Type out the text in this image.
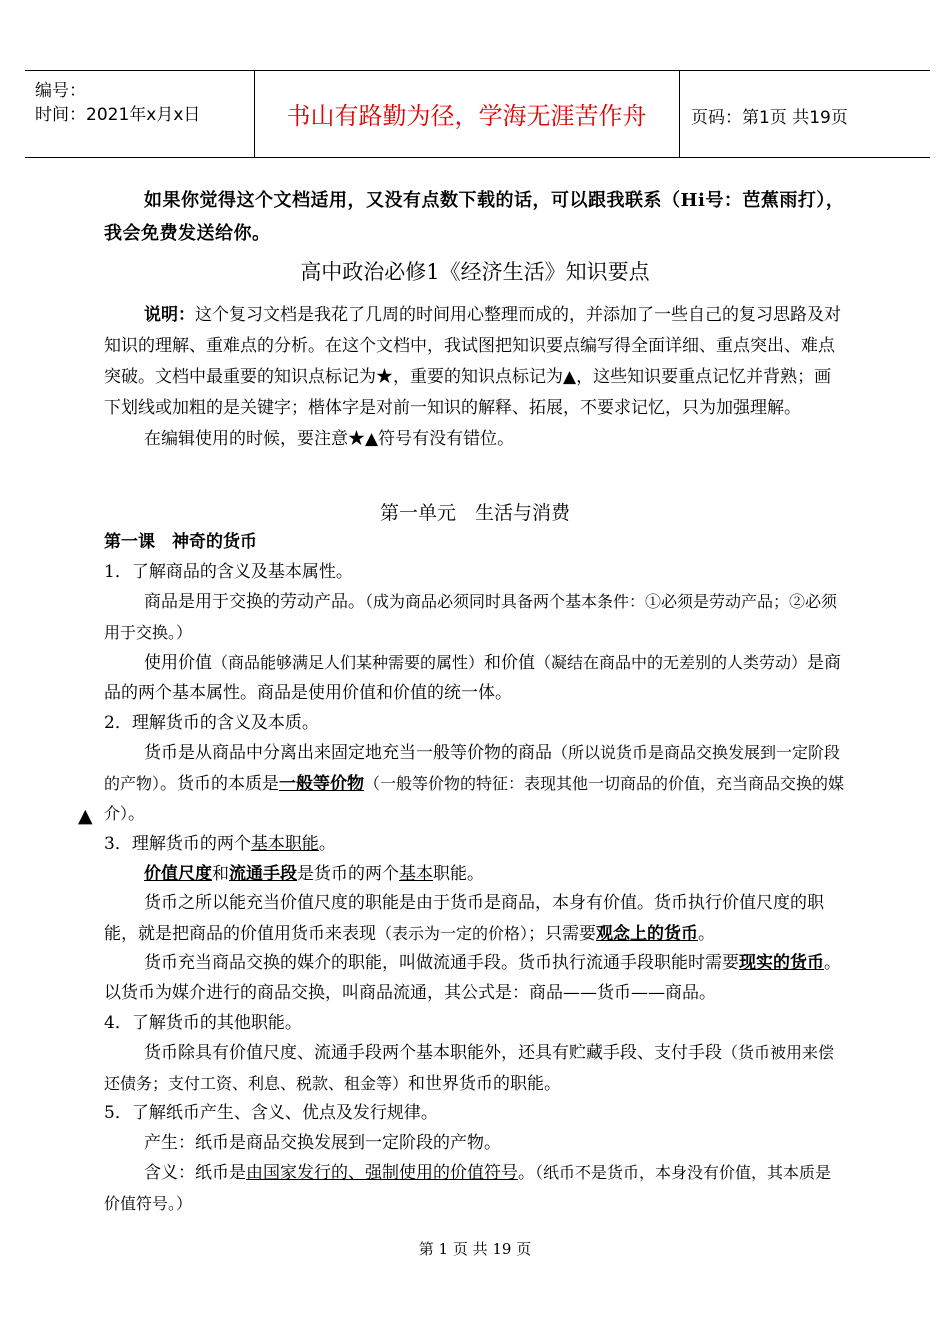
编号：
时间：2021年x月x日	书山有路勤为径，学海无涯苦作舟	页码：第1页 共19页

如果你觉得这个文档适用，又没有点数下载的话，可以跟我联系（Hi号：芭蕉雨打），我会免费发送给你。

高中政治必修1《经济生活》知识要点

说明：这个复习文档是我花了几周的时间用心整理而成的，并添加了一些自己的复习思路及对知识的理解、重难点的分析。在这个文档中，我试图把知识要点编写得全面详细、重点突出、难点突破。文档中最重要的知识点标记为★，重要的知识点标记为▲，这些知识要重点记忆并背熟；画下划线或加粗的是关键字；楷体字是对前一知识的解释、拓展，不要求记忆，只为加强理解。

在编辑使用的时候，要注意★▲符号有没有错位。

第一单元　生活与消费

第一课　神奇的货币

1．了解商品的含义及基本属性。

商品是用于交换的劳动产品。（成为商品必须同时具备两个基本条件：①必须是劳动产品；②必须用于交换。）

使用价值（商品能够满足人们某种需要的属性）和价值（凝结在商品中的无差别的人类劳动）是商品的两个基本属性。商品是使用价值和价值的统一体。

2．理解货币的含义及本质。

货币是从商品中分离出来固定地充当一般等价物的商品（所以说货币是商品交换发展到一定阶段的产物）。货币的本质是一般等价物（一般等价物的特征：表现其他一切商品的价值，充当商品交换的媒介）。

3．理解货币的两个基本职能。

价值尺度和流通手段是货币的两个基本职能。

货币之所以能充当价值尺度的职能是由于货币是商品，本身有价值。货币执行价值尺度的职能，就是把商品的价值用货币来表现（表示为一定的价格）；只需要观念上的货币。

货币充当商品交换的媒介的职能，叫做流通手段。货币执行流通手段职能时需要现实的货币。以货币为媒介进行的商品交换，叫商品流通，其公式是：商品——货币——商品。

4．了解货币的其他职能。

货币除具有价值尺度、流通手段两个基本职能外，还具有贮藏手段、支付手段（货币被用来偿还债务；支付工资、利息、税款、租金等）和世界货币的职能。

5．了解纸币产生、含义、优点及发行规律。

产生：纸币是商品交换发展到一定阶段的产物。

含义：纸币是由国家发行的、强制使用的价值符号。（纸币不是货币，本身没有价值，其本质是价值符号。）

▲
第 1 页 共 19 页
